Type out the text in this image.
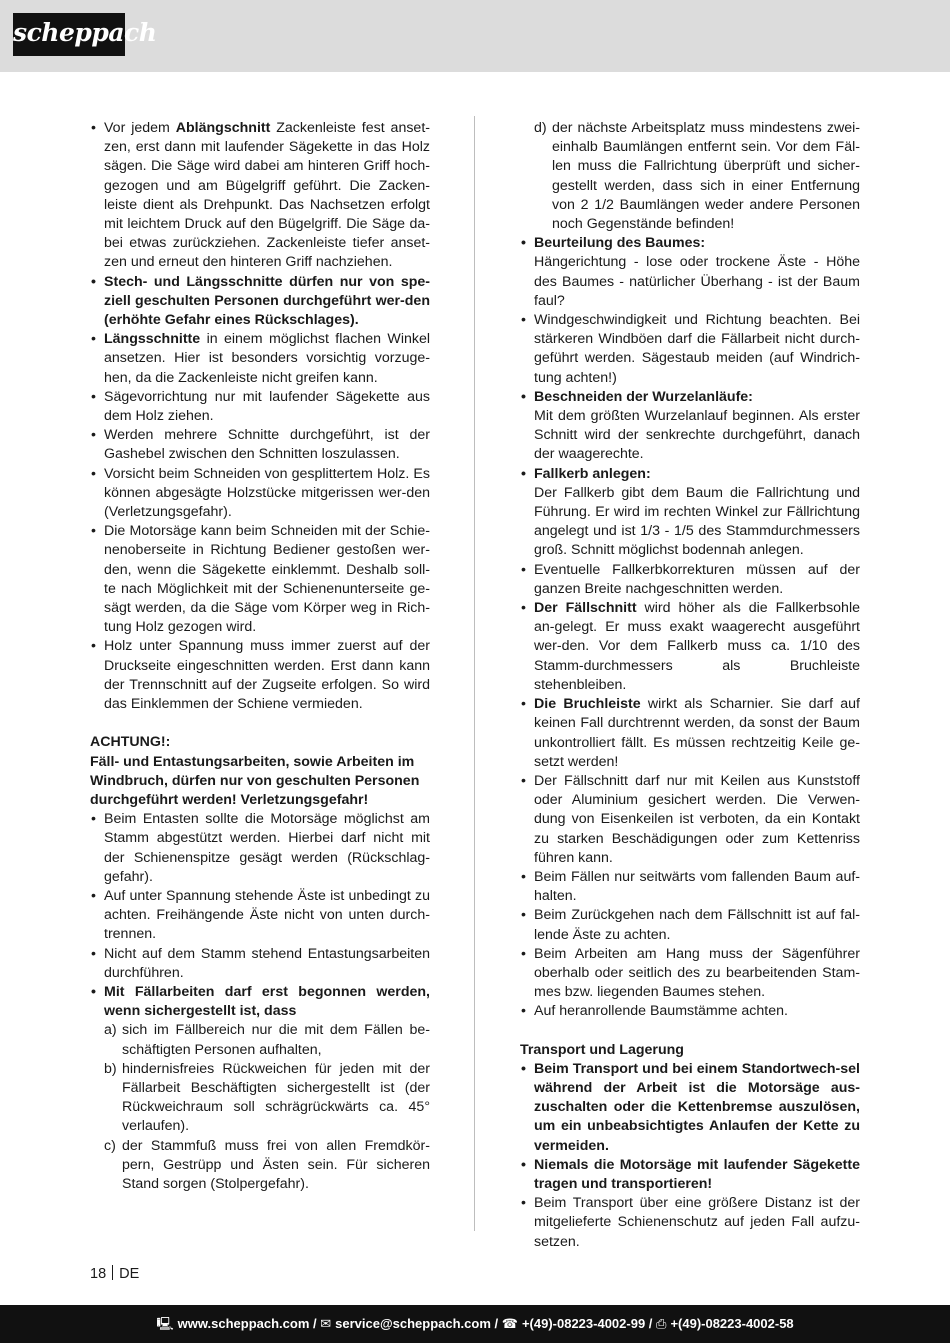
scheppach
• Vor jedem Ablängschnitt Zackenleiste fest anset-zen, erst dann mit laufender Sägekette in das Holz sägen. Die Säge wird dabei am hinteren Griff hoch-gezogen und am Bügelgriff geführt. Die Zacken-leiste dient als Drehpunkt. Das Nachsetzen erfolgt mit leichtem Druck auf den Bügelgriff. Die Säge da-bei etwas zurückziehen. Zackenleiste tiefer anset-zen und erneut den hinteren Griff nachziehen.
• Stech- und Längsschnitte dürfen nur von spe-ziell geschulten Personen durchgeführt wer-den (erhöhte Gefahr eines Rückschlages).
• Längsschnitte in einem möglichst flachen Winkel ansetzen. Hier ist besonders vorsichtig vorzuge-hen, da die Zackenleiste nicht greifen kann.
• Sägevorrichtung nur mit laufender Sägekette aus dem Holz ziehen.
• Werden mehrere Schnitte durchgeführt, ist der Gashebel zwischen den Schnitten loszulassen.
• Vorsicht beim Schneiden von gesplittertem Holz. Es können abgesägte Holzstücke mitgerissen wer-den (Verletzungsgefahr).
• Die Motorsäge kann beim Schneiden mit der Schie-nenoberseite in Richtung Bediener gestoßen wer-den, wenn die Sägekette einklemmt. Deshalb soll-te nach Möglichkeit mit der Schienenunterseite ge-sägt werden, da die Säge vom Körper weg in Rich-tung Holz gezogen wird.
• Holz unter Spannung muss immer zuerst auf der Druckseite eingeschnitten werden. Erst dann kann der Trennschnitt auf der Zugseite erfolgen. So wird das Einklemmen der Schiene vermieden.
ACHTUNG!:
Fäll- und Entastungsarbeiten, sowie Arbeiten im Windbruch, dürfen nur von geschulten Personen durchgeführt werden! Verletzungsgefahr!
• Beim Entasten sollte die Motorsäge möglichst am Stamm abgestützt werden. Hierbei darf nicht mit der Schienenspitze gesägt werden (Rückschlag-gefahr).
• Auf unter Spannung stehende Äste ist unbedingt zu achten. Freihängende Äste nicht von unten durch-trennen.
• Nicht auf dem Stamm stehend Entastungsarbeiten durchführen.
• Mit Fällarbeiten darf erst begonnen werden, wenn sichergestellt ist, dass
a) sich im Fällbereich nur die mit dem Fällen be-schäftigten Personen aufhalten,
b) hindernisfreies Rückweichen für jeden mit der Fällarbeit Beschäftigten sichergestellt ist (der Rückweichraum soll schrägrückwärts ca. 45° verlaufen).
c) der Stammfuß muss frei von allen Fremdkör-pern, Gestrüpp und Ästen sein. Für sicheren Stand sorgen (Stolpergefahr).
d) der nächste Arbeitsplatz muss mindestens zwei-einhalb Baumlängen entfernt sein. Vor dem Fäl-len muss die Fallrichtung überprüft und sicher-gestellt werden, dass sich in einer Entfernung von 2 1/2 Baumlängen weder andere Personen noch Gegenstände befinden!
• Beurteilung des Baumes:
Hängerichtung - lose oder trockene Äste - Höhe des Baumes - natürlicher Überhang - ist der Baum faul?
• Windgeschwindigkeit und Richtung beachten. Bei stärkeren Windböen darf die Fällarbeit nicht durch-geführt werden. Sägestaub meiden (auf Windrich-tung achten!)
• Beschneiden der Wurzelanläufe:
Mit dem größten Wurzelanlauf beginnen. Als erster Schnitt wird der senkrechte durchgeführt, danach der waagerechte.
• Fallkerb anlegen:
Der Fallkerb gibt dem Baum die Fallrichtung und Führung. Er wird im rechten Winkel zur Fällrichtung angelegt und ist 1/3 - 1/5 des Stammdurchmessers groß. Schnitt möglichst bodennah anlegen.
• Eventuelle Fallkerbkorrekturen müssen auf der ganzen Breite nachgeschnitten werden.
• Der Fällschnitt wird höher als die Fallkerbsohle an-gelegt. Er muss exakt waagerecht ausgeführt wer-den. Vor dem Fallkerb muss ca. 1/10 des Stamm-durchmessers als Bruchleiste stehenbleiben.
• Die Bruchleiste wirkt als Scharnier. Sie darf auf keinen Fall durchtrennt werden, da sonst der Baum unkontrolliert fällt. Es müssen rechtzeitig Keile ge-setzt werden!
• Der Fällschnitt darf nur mit Keilen aus Kunststoff oder Aluminium gesichert werden. Die Verwen-dung von Eisenkeilen ist verboten, da ein Kontakt zu starken Beschädigungen oder zum Kettenriss führen kann.
• Beim Fällen nur seitwärts vom fallenden Baum auf-halten.
• Beim Zurückgehen nach dem Fällschnitt ist auf fal-lende Äste zu achten.
• Beim Arbeiten am Hang muss der Sägenführer oberhalb oder seitlich des zu bearbeitenden Stam-mes bzw. liegenden Baumes stehen.
• Auf heranrollende Baumstämme achten.
Transport und Lagerung
• Beim Transport und bei einem Standortwech-sel während der Arbeit ist die Motorsäge aus-zuschalten oder die Kettenbremse auszulösen, um ein unbeabsichtigtes Anlaufen der Kette zu vermeiden.
• Niemals die Motorsäge mit laufender Sägekette tragen und transportieren!
• Beim Transport über eine größere Distanz ist der mitgelieferte Schienenschutz auf jeden Fall aufzu-setzen.
18 DE
🖳 www.scheppach.com / ✉ service@scheppach.com / ☎ +(49)-08223-4002-99 / ⎙ +(49)-08223-4002-58
